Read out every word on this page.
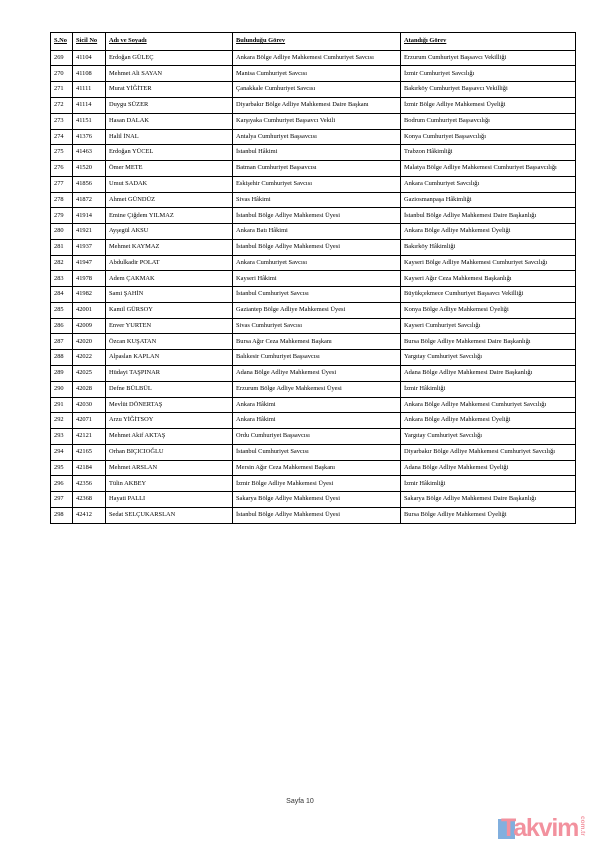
S.No	Sicil No	Adı ve Soyadı	Bulunduğu Görev	Atandığı Görev
269	41104	Erdoğan GÜLEÇ	Ankara Bölge Adliye Mahkemesi Cumhuriyet Savcısı	Erzurum Cumhuriyet Başsavcı Vekilliği
270	41108	Mehmet Ali SAYAN	Manisa Cumhuriyet Savcısı	İzmir Cumhuriyet Savcılığı
271	41111	Murat YİĞİTER	Çanakkale Cumhuriyet Savcısı	Bakırköy Cumhuriyet Başsavcı Vekilliği
272	41114	Duygu SÜZER	Diyarbakır Bölge Adliye Mahkemesi Daire Başkanı	İzmir Bölge Adliye Mahkemesi Üyeliği
273	41151	Hasan DALAK	Karşıyaka Cumhuriyet Başsavcı Vekili	Bodrum Cumhuriyet Başsavcılığı
274	41376	Halil İNAL	Antalya Cumhuriyet Başsavcısı	Konya Cumhuriyet Başsavcılığı
275	41463	Erdoğan YÜCEL	İstanbul Hâkimi	Trabzon Hâkimliği
276	41520	Ömer METE	Batman Cumhuriyet Başsavcısı	Malatya Bölge Adliye Mahkemesi Cumhuriyet Başsavcılığı
277	41856	Umut SADAK	Eskişehir Cumhuriyet Savcısı	Ankara Cumhuriyet Savcılığı
278	41872	Ahmet GÜNDÜZ	Sivas Hâkimi	Gaziosmanpaşa Hâkimliği
279	41914	Emine Çiğdem YILMAZ	İstanbul Bölge Adliye Mahkemesi Üyesi	İstanbul Bölge Adliye Mahkemesi Daire Başkanlığı
280	41921	Ayşegül AKSU	Ankara Batı Hâkimi	Ankara Bölge Adliye Mahkemesi Üyeliği
281	41937	Mehmet KAYMAZ	İstanbul Bölge Adliye Mahkemesi Üyesi	Bakırköy Hâkimliği
282	41947	Abdulkadir POLAT	Ankara Cumhuriyet Savcısı	Kayseri Bölge Adliye Mahkemesi Cumhuriyet Savcılığı
283	41978	Adem ÇAKMAK	Kayseri Hâkimi	Kayseri Ağır Ceza Mahkemesi Başkanlığı
284	41982	Sami ŞAHİN	İstanbul Cumhuriyet Savcısı	Büyükçekmece Cumhuriyet Başsavcı Vekilliği
285	42001	Kamil GÜRSOY	Gaziantep Bölge Adliye Mahkemesi Üyesi	Konya Bölge Adliye Mahkemesi Üyeliği
286	42009	Enver YURTEN	Sivas Cumhuriyet Savcısı	Kayseri Cumhuriyet Savcılığı
287	42020	Özcan KUŞATAN	Bursa Ağır Ceza Mahkemesi Başkanı	Bursa Bölge Adliye Mahkemesi Daire Başkanlığı
288	42022	Alpaslan KAPLAN	Balıkesir Cumhuriyet Başsavcısı	Yargıtay Cumhuriyet Savcılığı
289	42025	Hüdayi TAŞPINAR	Adana Bölge Adliye Mahkemesi Üyesi	Adana Bölge Adliye Mahkemesi Daire Başkanlığı
290	42028	Defne BÜLBÜL	Erzurum Bölge Adliye Mahkemesi Üyesi	İzmir Hâkimliği
291	42030	Mevlüt DÖNERTAŞ	Ankara Hâkimi	Ankara Bölge Adliye Mahkemesi Cumhuriyet Savcılığı
292	42071	Arzu YİĞİTSOY	Ankara Hâkimi	Ankara Bölge Adliye Mahkemesi Üyeliği
293	42121	Mehmet Akif AKTAŞ	Ordu Cumhuriyet Başsavcısı	Yargıtay Cumhuriyet Savcılığı
294	42165	Orhan BIÇICIOĞLU	İstanbul Cumhuriyet Savcısı	Diyarbakır Bölge Adliye Mahkemesi Cumhuriyet Savcılığı
295	42184	Mehmet ARSLAN	Mersin Ağır Ceza Mahkemesi Başkanı	Adana Bölge Adliye Mahkemesi Üyeliği
296	42356	Tülin AKBEY	İzmir Bölge Adliye Mahkemesi Üyesi	İzmir Hâkimliği
297	42368	Hayati PALLI	Sakarya Bölge Adliye Mahkemesi Üyesi	Sakarya Bölge Adliye Mahkemesi Daire Başkanlığı
298	42412	Sedat SELÇUKARSLAN	İstanbul Bölge Adliye Mahkemesi Üyesi	Bursa Bölge Adliye Mahkemesi Üyeliği
Sayfa 10
Takvim com.tr
